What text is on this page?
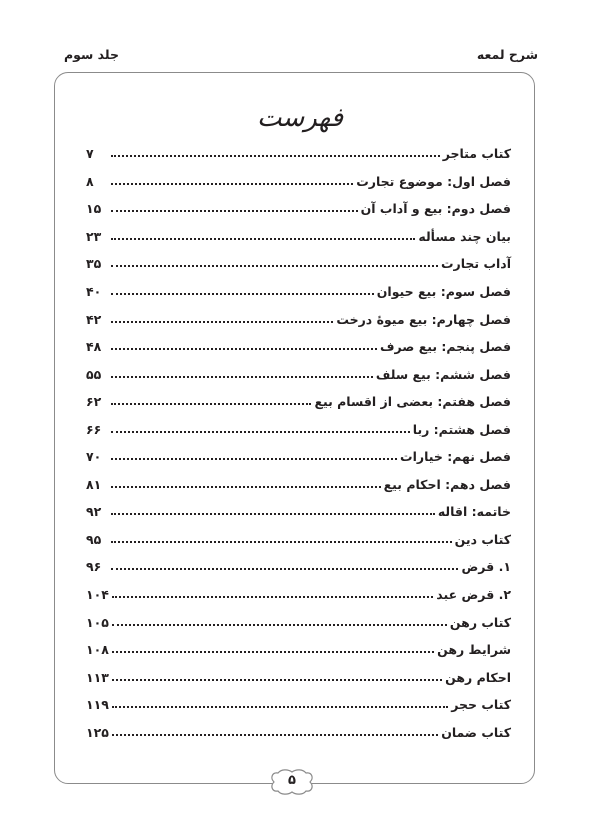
شرح لمعه
جلد سوم
فهرست
کتاب متاجر
۷
فصل اول: موضوع تجارت
۸
فصل دوم: بیع و آداب آن
۱۵
بیان چند مسأله
۲۳
آداب تجارت
۳۵
فصل سوم: بیع حیوان
۴۰
فصل چهارم: بیع میوهٔ درخت
۴۲
فصل پنجم: بیع صرف
۴۸
فصل ششم: بیع سلف
۵۵
فصل هفتم: بعضی از اقسام بیع
۶۲
فصل هشتم: ربا
۶۶
فصل نهم: خیارات
۷۰
فصل دهم: احکام بیع
۸۱
خاتمه: اقاله
۹۲
کتاب دین
۹۵
۱. قرض
۹۶
۲. قرض عبد
۱۰۴
کتاب رهن
۱۰۵
شرایط رهن
۱۰۸
احکام رهن
۱۱۳
کتاب حجر
۱۱۹
کتاب ضمان
۱۲۵
۵
